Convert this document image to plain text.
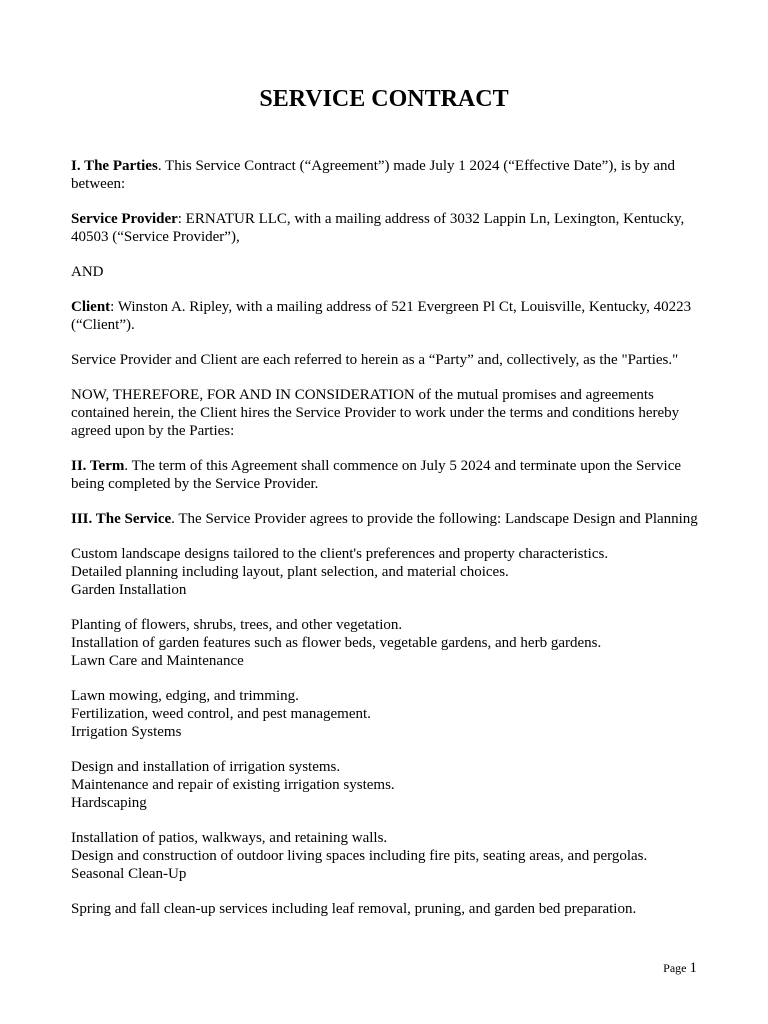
SERVICE CONTRACT

I. The Parties. This Service Contract (“Agreement”) made July 1 2024 (“Effective Date”), is by and between:

Service Provider: ERNATUR LLC, with a mailing address of 3032 Lappin Ln, Lexington, Kentucky, 40503 (“Service Provider”),

AND

Client: Winston A. Ripley, with a mailing address of 521 Evergreen Pl Ct, Louisville, Kentucky, 40223 (“Client”).

Service Provider and Client are each referred to herein as a “Party” and, collectively, as the "Parties."

NOW, THEREFORE, FOR AND IN CONSIDERATION of the mutual promises and agreements contained herein, the Client hires the Service Provider to work under the terms and conditions hereby agreed upon by the Parties:

II. Term. The term of this Agreement shall commence on July 5 2024 and terminate upon the Service being completed by the Service Provider.

III. The Service. The Service Provider agrees to provide the following: Landscape Design and Planning

Custom landscape designs tailored to the client's preferences and property characteristics.
Detailed planning including layout, plant selection, and material choices.
Garden Installation

Planting of flowers, shrubs, trees, and other vegetation.
Installation of garden features such as flower beds, vegetable gardens, and herb gardens.
Lawn Care and Maintenance

Lawn mowing, edging, and trimming.
Fertilization, weed control, and pest management.
Irrigation Systems

Design and installation of irrigation systems.
Maintenance and repair of existing irrigation systems.
Hardscaping

Installation of patios, walkways, and retaining walls.
Design and construction of outdoor living spaces including fire pits, seating areas, and pergolas.
Seasonal Clean-Up

Spring and fall clean-up services including leaf removal, pruning, and garden bed preparation.

Page 1
